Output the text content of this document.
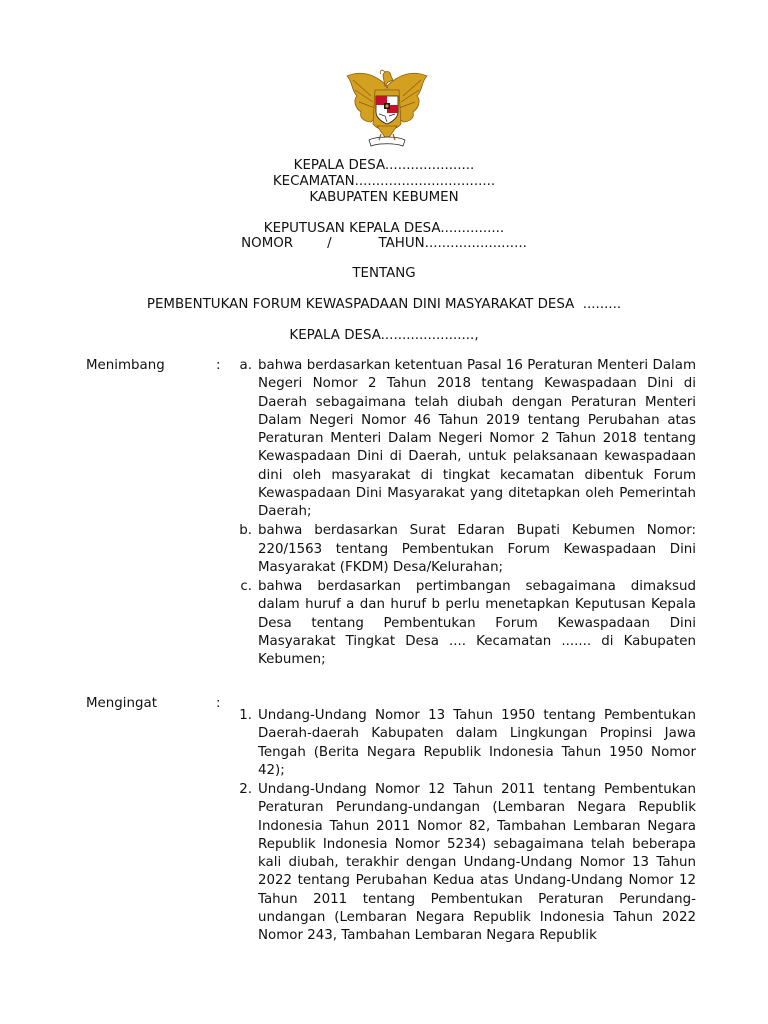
KEPALA DESA.....................
KECAMATAN.................................
KABUPATEN KEBUMEN
KEPUTUSAN KEPALA DESA...............
NOMOR        /           TAHUN........................
TENTANG
PEMBENTUKAN FORUM KEWASPADAAN DINI MASYARAKAT DESA  .........
KEPALA DESA......................,
Menimbang	:	a. bahwa berdasarkan ketentuan Pasal 16 Peraturan Menteri Dalam Negeri Nomor 2 Tahun 2018 tentang Kewaspadaan Dini di Daerah sebagaimana telah diubah dengan Peraturan Menteri Dalam Negeri Nomor 46 Tahun 2019 tentang Perubahan atas Peraturan Menteri Dalam Negeri Nomor 2 Tahun 2018 tentang Kewaspadaan Dini di Daerah, untuk pelaksanaan kewaspadaan dini oleh masyarakat di tingkat kecamatan dibentuk Forum Kewaspadaan Dini Masyarakat yang ditetapkan oleh Pemerintah Daerah;
b. bahwa berdasarkan Surat Edaran Bupati Kebumen Nomor: 220/1563 tentang Pembentukan Forum Kewaspadaan Dini Masyarakat (FKDM) Desa/Kelurahan;
c. bahwa berdasarkan pertimbangan sebagaimana dimaksud dalam huruf a dan huruf b perlu menetapkan Keputusan Kepala Desa tentang Pembentukan Forum Kewaspadaan Dini Masyarakat Tingkat Desa .... Kecamatan ....... di Kabupaten Kebumen;
Mengingat	:
1. Undang-Undang Nomor 13 Tahun 1950 tentang Pembentukan Daerah-daerah Kabupaten dalam Lingkungan Propinsi Jawa Tengah (Berita Negara Republik Indonesia Tahun 1950 Nomor 42);
2. Undang-Undang Nomor 12 Tahun 2011 tentang Pembentukan Peraturan Perundang-undangan (Lembaran Negara Republik Indonesia Tahun 2011 Nomor 82, Tambahan Lembaran Negara Republik Indonesia Nomor 5234) sebagaimana telah beberapa kali diubah, terakhir dengan Undang-Undang Nomor 13 Tahun 2022 tentang Perubahan Kedua atas Undang-Undang Nomor 12 Tahun 2011 tentang Pembentukan Peraturan Perundang-undangan (Lembaran Negara Republik Indonesia Tahun 2022 Nomor 243, Tambahan Lembaran Negara Republik
